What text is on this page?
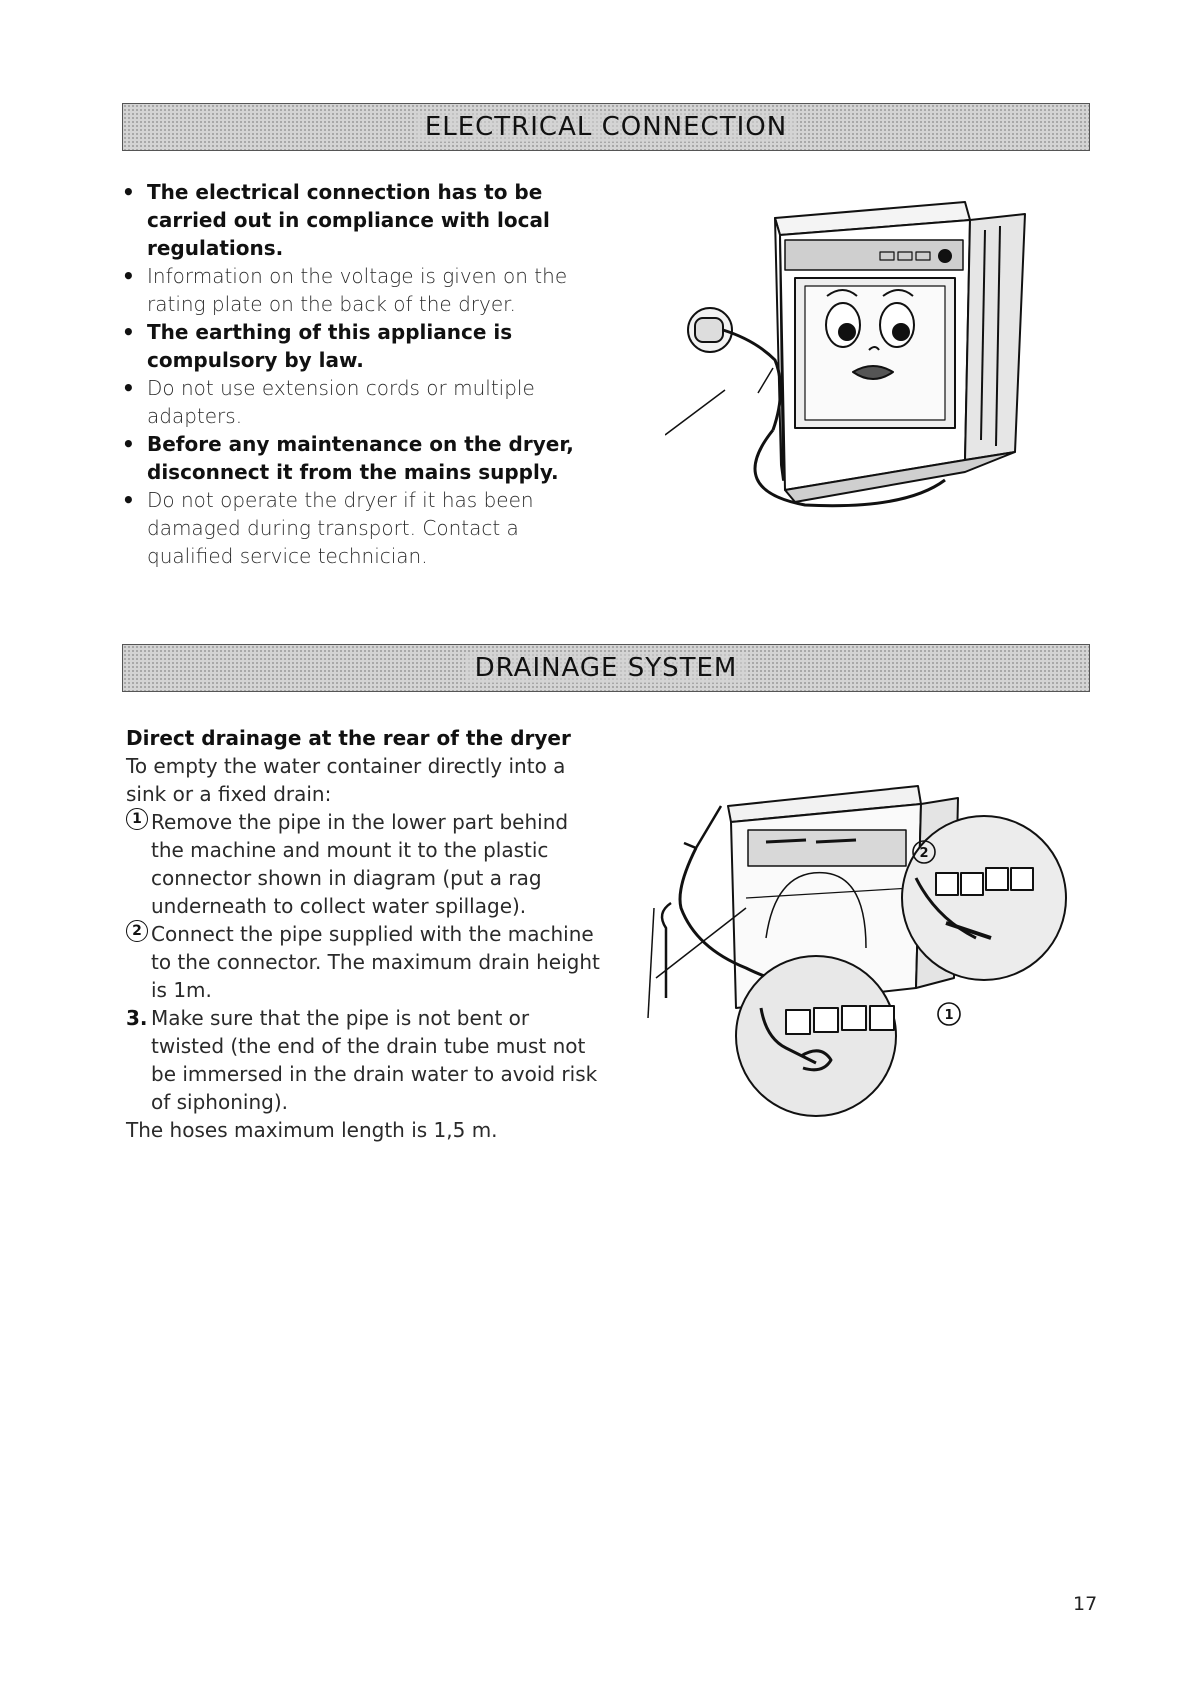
ELECTRICAL CONNECTION
• The electrical connection has to be carried out in compliance with local regulations.
• Information on the voltage is given on the rating plate on the back of the dryer.
• The earthing of this appliance is compulsory by law.
• Do not use extension cords or multiple adapters.
• Before any maintenance on the dryer, disconnect it from the mains supply.
• Do not operate the dryer if it has been damaged during transport. Contact a qualified service technician.
DRAINAGE SYSTEM
Direct drainage at the rear of the dryer
To empty the water container directly into a sink or a fixed drain:
1 Remove the pipe in the lower part behind the machine and mount it to the plastic connector shown in diagram (put a rag underneath to collect water spillage).
2 Connect the pipe supplied with the machine to the connector. The maximum drain height is 1m.
3. Make sure that the pipe is not bent or twisted (the end of the drain tube must not be immersed in the drain water to avoid risk of siphoning).
The hoses maximum length is 1,5 m.
2
1
17
